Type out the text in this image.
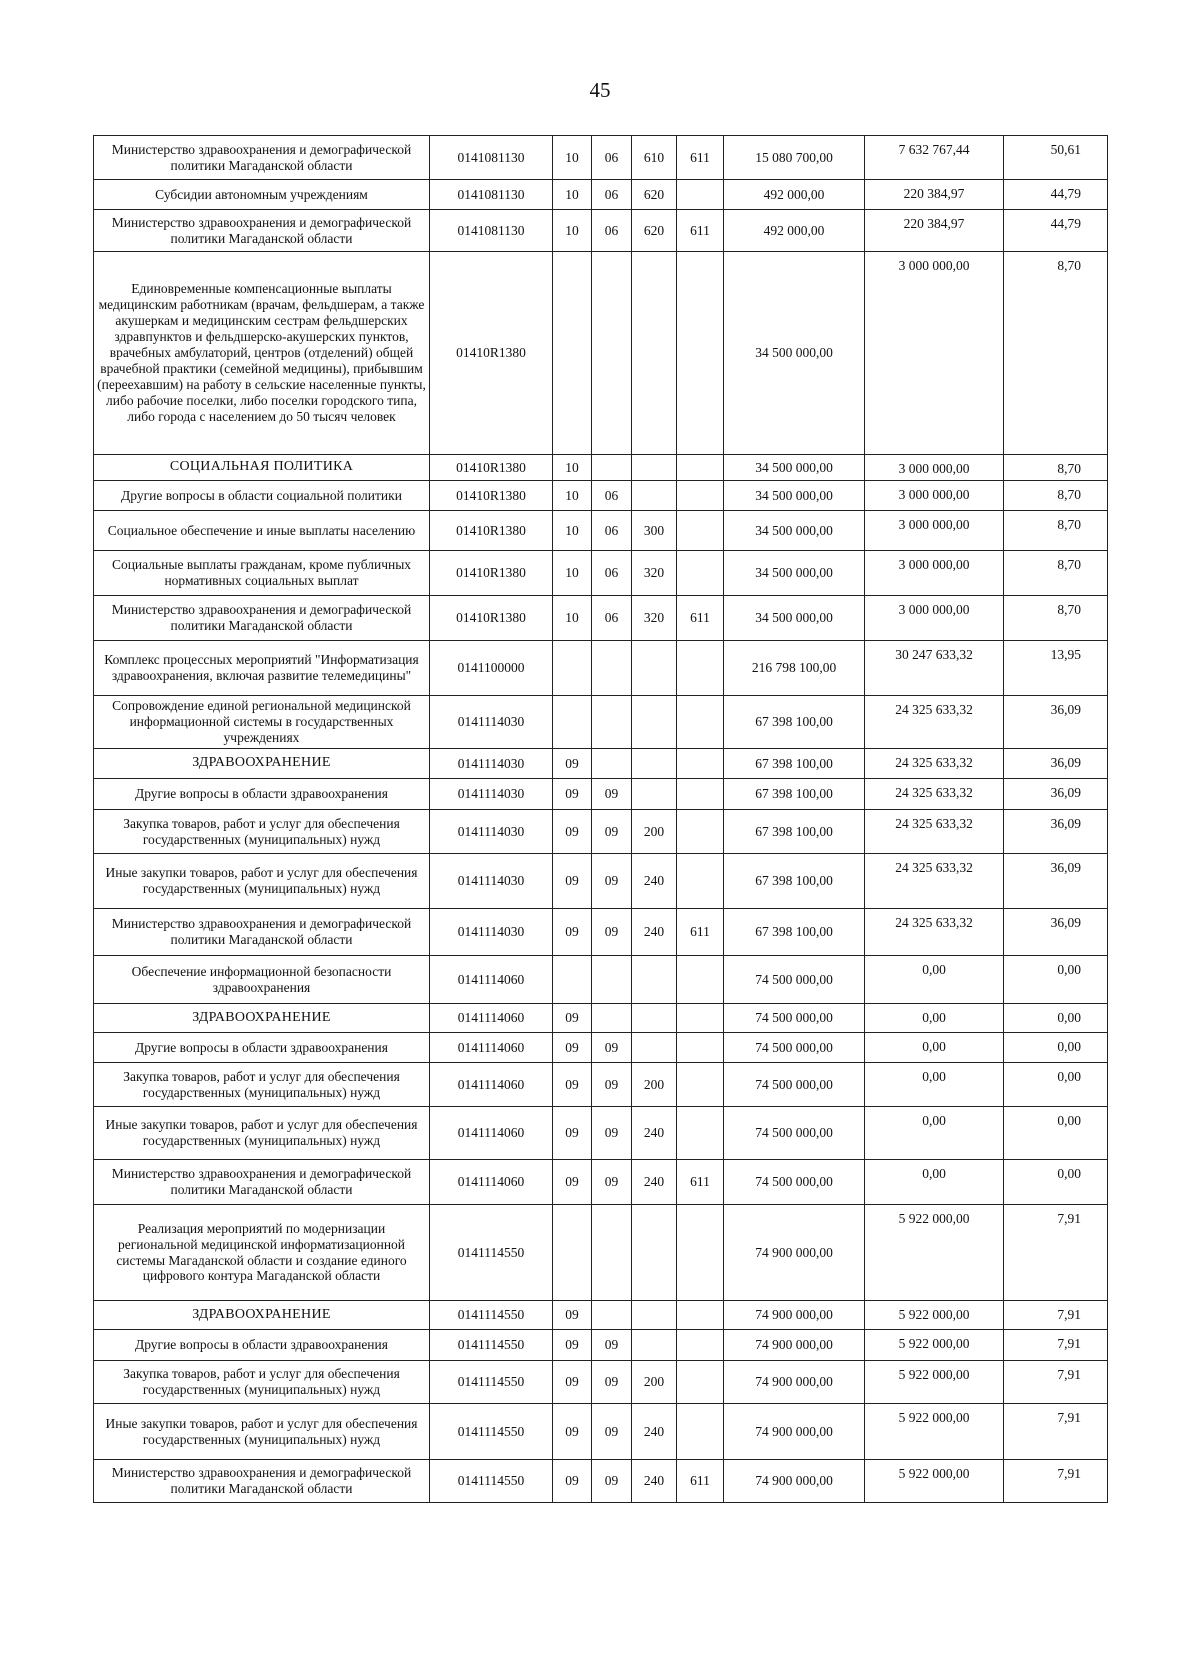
45
Министерство здравоохранения и демографической политики Магаданской области	0141081130	10	06	610	611	15 080 700,00	7 632 767,44	50,61
Субсидии автономным учреждениям	0141081130	10	06	620		492 000,00	220 384,97	44,79
Министерство здравоохранения и демографической политики Магаданской области	0141081130	10	06	620	611	492 000,00	220 384,97	44,79
Единовременные компенсационные выплаты медицинским работникам (врачам, фельдшерам, а также акушеркам и медицинским сестрам фельдшерских здравпунктов и фельдшерско-акушерских пунктов, врачебных амбулаторий, центров (отделений) общей врачебной практики (семейной медицины), прибывшим (переехавшим) на работу в сельские населенные пункты, либо рабочие поселки, либо поселки городского типа, либо города с населением до 50 тысяч человек	01410R1380					34 500 000,00	3 000 000,00	8,70
СОЦИАЛЬНАЯ ПОЛИТИКА	01410R1380	10				34 500 000,00	3 000 000,00	8,70
Другие вопросы в области социальной политики	01410R1380	10	06			34 500 000,00	3 000 000,00	8,70
Социальное обеспечение и иные выплаты населению	01410R1380	10	06	300		34 500 000,00	3 000 000,00	8,70
Социальные выплаты гражданам, кроме публичных нормативных социальных выплат	01410R1380	10	06	320		34 500 000,00	3 000 000,00	8,70
Министерство здравоохранения и демографической политики Магаданской области	01410R1380	10	06	320	611	34 500 000,00	3 000 000,00	8,70
Комплекс процессных мероприятий "Информатизация здравоохранения, включая развитие телемедицины"	0141100000					216 798 100,00	30 247 633,32	13,95
Сопровождение единой региональной медицинской информационной системы в государственных учреждениях	0141114030					67 398 100,00	24 325 633,32	36,09
ЗДРАВООХРАНЕНИЕ	0141114030	09				67 398 100,00	24 325 633,32	36,09
Другие вопросы в области здравоохранения	0141114030	09	09			67 398 100,00	24 325 633,32	36,09
Закупка товаров, работ и услуг для обеспечения государственных (муниципальных) нужд	0141114030	09	09	200		67 398 100,00	24 325 633,32	36,09
Иные закупки товаров, работ и услуг для обеспечения государственных (муниципальных) нужд	0141114030	09	09	240		67 398 100,00	24 325 633,32	36,09
Министерство здравоохранения и демографической политики Магаданской области	0141114030	09	09	240	611	67 398 100,00	24 325 633,32	36,09
Обеспечение информационной безопасности здравоохранения	0141114060					74 500 000,00	0,00	0,00
ЗДРАВООХРАНЕНИЕ	0141114060	09				74 500 000,00	0,00	0,00
Другие вопросы в области здравоохранения	0141114060	09	09			74 500 000,00	0,00	0,00
Закупка товаров, работ и услуг для обеспечения государственных (муниципальных) нужд	0141114060	09	09	200		74 500 000,00	0,00	0,00
Иные закупки товаров, работ и услуг для обеспечения государственных (муниципальных) нужд	0141114060	09	09	240		74 500 000,00	0,00	0,00
Министерство здравоохранения и демографической политики Магаданской области	0141114060	09	09	240	611	74 500 000,00	0,00	0,00
Реализация мероприятий по модернизации региональной медицинской информатизационной системы Магаданской области и создание единого цифрового контура Магаданской области	0141114550					74 900 000,00	5 922 000,00	7,91
ЗДРАВООХРАНЕНИЕ	0141114550	09				74 900 000,00	5 922 000,00	7,91
Другие вопросы в области здравоохранения	0141114550	09	09			74 900 000,00	5 922 000,00	7,91
Закупка товаров, работ и услуг для обеспечения государственных (муниципальных) нужд	0141114550	09	09	200		74 900 000,00	5 922 000,00	7,91
Иные закупки товаров, работ и услуг для обеспечения государственных (муниципальных) нужд	0141114550	09	09	240		74 900 000,00	5 922 000,00	7,91
Министерство здравоохранения и демографической политики Магаданской области	0141114550	09	09	240	611	74 900 000,00	5 922 000,00	7,91
